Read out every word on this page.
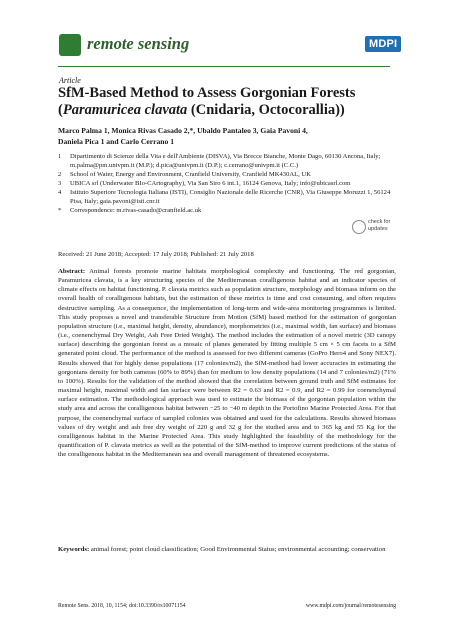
remote sensing	MDPI
Article
SfM-Based Method to Assess Gorgonian Forests (Paramuricea clavata (Cnidaria, Octocorallia))
Marco Palma 1, Monica Rivas Casado 2,*, Ubaldo Pantaleo 3, Gaia Pavoni 4,
Daniela Pica 1 and Carlo Cerrano 1
1	Dipartimento di Scienze della Vita e dell'Ambiente (DISVA), Via Brecce Bianche, Monte Dago, 60130 Ancona, Italy; m.palma@pm.univpm.it (M.P.); d.pica@univpm.it (D.P.); c.cerrano@univpm.it (C.C.)
2	School of Water, Energy and Environment, Cranfield University, Cranfield MK430AL, UK
3	UBICA srl (Underwater BIo-CArtography), Via San Siro 6 int.1, 16124 Genova, Italy; info@ubicasrl.com
4	Istituto Superiore Tecnologia Italiana (ISTI), Consiglio Nazionale delle Ricerche (CNR), Via Giuseppe Moruzzi 1, 56124 Pisa, Italy; gaia.pavoni@isti.cnr.it
*	Correspondence: m.rivas-casado@cranfield.ac.uk
check for
updates
Received: 21 June 2018; Accepted: 17 July 2018; Published: 21 July 2018
Abstract: Animal forests promote marine habitats morphological complexity and functioning. The red gorgonian, Paramuricea clavata, is a key structuring species of the Mediterranean coralligenous habitat and an indicator species of climate effects on habitat functioning. P. clavata metrics such as population structure, morphology and biomass inform on the overall health of coralligenous habitats, but the estimation of these metrics is time and cost consuming, and often requires destructive sampling. As a consequence, the implementation of long-term and wide-area monitoring programmes is limited. This study proposes a novel and transferable Structure from Motion (SfM) based method for the estimation of gorgonian population structure (i.e., maximal height, density, abundance), morphometries (i.e., maximal width, fan surface) and biomass (i.e., coenenchymal Dry Weight, Ash Free Dried Weight). The method includes the estimation of a novel metric (3D canopy surface) describing the gorgonian forest as a mosaic of planes generated by fitting multiple 5 cm × 5 cm facets to a SfM generated point cloud. The performance of the method is assessed for two different cameras (GoPro Hero4 and Sony NEX7). Results showed that for highly dense populations (17 colonies/m2), the SfM-method had lower accuracies in estimating the gorgonians density for both cameras (60% to 89%) than for medium to low density populations (14 and 7 colonies/m2) (71% to 100%). Results for the validation of the method showed that the correlation between ground truth and SfM estimates for maximal height, maximal width and fan surface were between R2 = 0.63 and R2 = 0.9, and R2 = 0.99 for coenenchymal surface estimation. The methodological approach was used to estimate the biomass of the gorgonian population within the study area and across the coralligenous habitat between −25 to −40 m depth in the Portofino Marine Protected Area. For that purpose, the coenenchymal surface of sampled colonies was obtained and used for the calculations. Results showed biomass values of dry weight and ash free dry weight of 220 g and 32 g for the studied area and to 365 kg and 55 Kg for the coralligenous habitat in the Marine Protected Area. This study highlighted the feasibility of the methodology for the quantification of P. clavata metrics as well as the potential of the SfM-method to improve current predictions of the status of the coralligenous habitat in the Mediterranean sea and overall management of threatened ecosystems.
Keywords: animal forest; point cloud classification; Good Environmental Status; environmental accounting; conservation
Remote Sens. 2018, 10, 1154; doi:10.3390/rs10071154	www.mdpi.com/journal/remotesensing
